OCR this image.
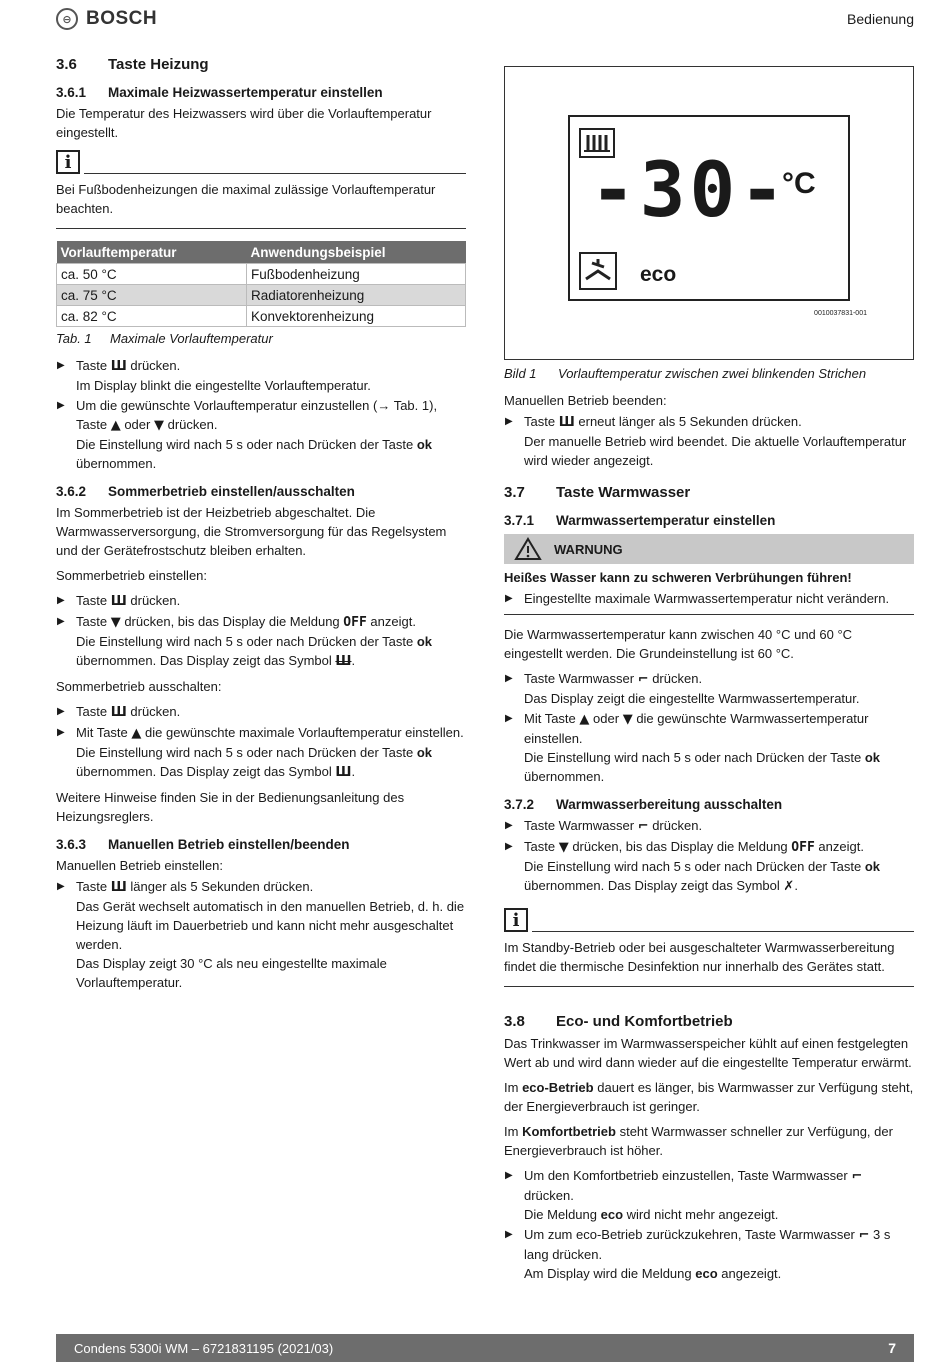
⊖ BOSCH	Bedienung
3.6 Taste Heizung
3.6.1 Maximale Heizwassertemperatur einstellen

Die Temperatur des Heizwassers wird über die Vorlauftemperatur eingestellt.

i

Bei Fußbodenheizungen die maximal zulässige Vorlauftemperatur beachten.

Vorlauftemperatur	Anwendungsbeispiel
ca. 50 °C	Fußbodenheizung
ca. 75 °C	Radiatorenheizung
ca. 82 °C	Konvektorenheizung
Tab. 1 Maximale Vorlauftemperatur
▶ Taste Ш drücken.
Im Display blinkt die eingestellte Vorlauftemperatur.
▶ Um die gewünschte Vorlauftemperatur einzustellen (→ Tab. 1), Taste ▲ oder ▼ drücken.
Die Einstellung wird nach 5 s oder nach Drücken der Taste ok übernommen.
3.6.2 Sommerbetrieb einstellen/ausschalten

Im Sommerbetrieb ist der Heizbetrieb abgeschaltet. Die Warmwasserversorgung, die Stromversorgung für das Regelsystem und der Gerätefrostschutz bleiben erhalten.

Sommerbetrieb einstellen:

▶ Taste Ш drücken.
▶ Taste ▼ drücken, bis das Display die Meldung OFF anzeigt.
Die Einstellung wird nach 5 s oder nach Drücken der Taste ok übernommen. Das Display zeigt das Symbol Ш.

Sommerbetrieb ausschalten:

▶ Taste Ш drücken.
▶ Mit Taste ▲ die gewünschte maximale Vorlauftemperatur einstellen.
Die Einstellung wird nach 5 s oder nach Drücken der Taste ok übernommen. Das Display zeigt das Symbol Ш.

Weitere Hinweise finden Sie in der Bedienungsanleitung des Heizungsreglers.

3.6.3 Manuellen Betrieb einstellen/beenden

Manuellen Betrieb einstellen:

▶ Taste Ш länger als 5 Sekunden drücken.
Das Gerät wechselt automatisch in den manuellen Betrieb, d. h. die Heizung läuft im Dauerbetrieb und kann nicht mehr ausgeschaltet werden.
Das Display zeigt 30 °C als neu eingestellte maximale Vorlauftemperatur.
-30-
°C
eco
0010037831-001
Bild 1 Vorlauftemperatur zwischen zwei blinkenden Strichen

Manuellen Betrieb beenden:

▶ Taste Ш erneut länger als 5 Sekunden drücken.
Der manuelle Betrieb wird beendet. Die aktuelle Vorlauftemperatur wird wieder angezeigt.
3.7 Taste Warmwasser
3.7.1 Warmwassertemperatur einstellen
WARNUNG

Heißes Wasser kann zu schweren Verbrühungen führen!

▶ Eingestellte maximale Warmwassertemperatur nicht verändern.

Die Warmwassertemperatur kann zwischen 40 °C und 60 °C eingestellt werden. Die Grundeinstellung ist 60 °C.

▶ Taste Warmwasser ⌐ drücken.
Das Display zeigt die eingestellte Warmwassertemperatur.
▶ Mit Taste ▲ oder ▼ die gewünschte Warmwassertemperatur einstellen.
Die Einstellung wird nach 5 s oder nach Drücken der Taste ok übernommen.
3.7.2 Warmwasserbereitung ausschalten
▶ Taste Warmwasser ⌐ drücken.
▶ Taste ▼ drücken, bis das Display die Meldung OFF anzeigt.
Die Einstellung wird nach 5 s oder nach Drücken der Taste ok übernommen. Das Display zeigt das Symbol ✗.
i

Im Standby-Betrieb oder bei ausgeschalteter Warmwasserbereitung findet die thermische Desinfektion nur innerhalb des Gerätes statt.

3.8 Eco- und Komfortbetrieb

Das Trinkwasser im Warmwasserspeicher kühlt auf einen festgelegten Wert ab und wird dann wieder auf die eingestellte Temperatur erwärmt.

Im eco-Betrieb dauert es länger, bis Warmwasser zur Verfügung steht, der Energieverbrauch ist geringer.

Im Komfortbetrieb steht Warmwasser schneller zur Verfügung, der Energieverbrauch ist höher.

▶ Um den Komfortbetrieb einzustellen, Taste Warmwasser ⌐ drücken.
Die Meldung eco wird nicht mehr angezeigt.
▶ Um zum eco-Betrieb zurückzukehren, Taste Warmwasser ⌐ 3 s lang drücken.
Am Display wird die Meldung eco angezeigt.
Condens 5300i WM – 6721831195 (2021/03)	7
